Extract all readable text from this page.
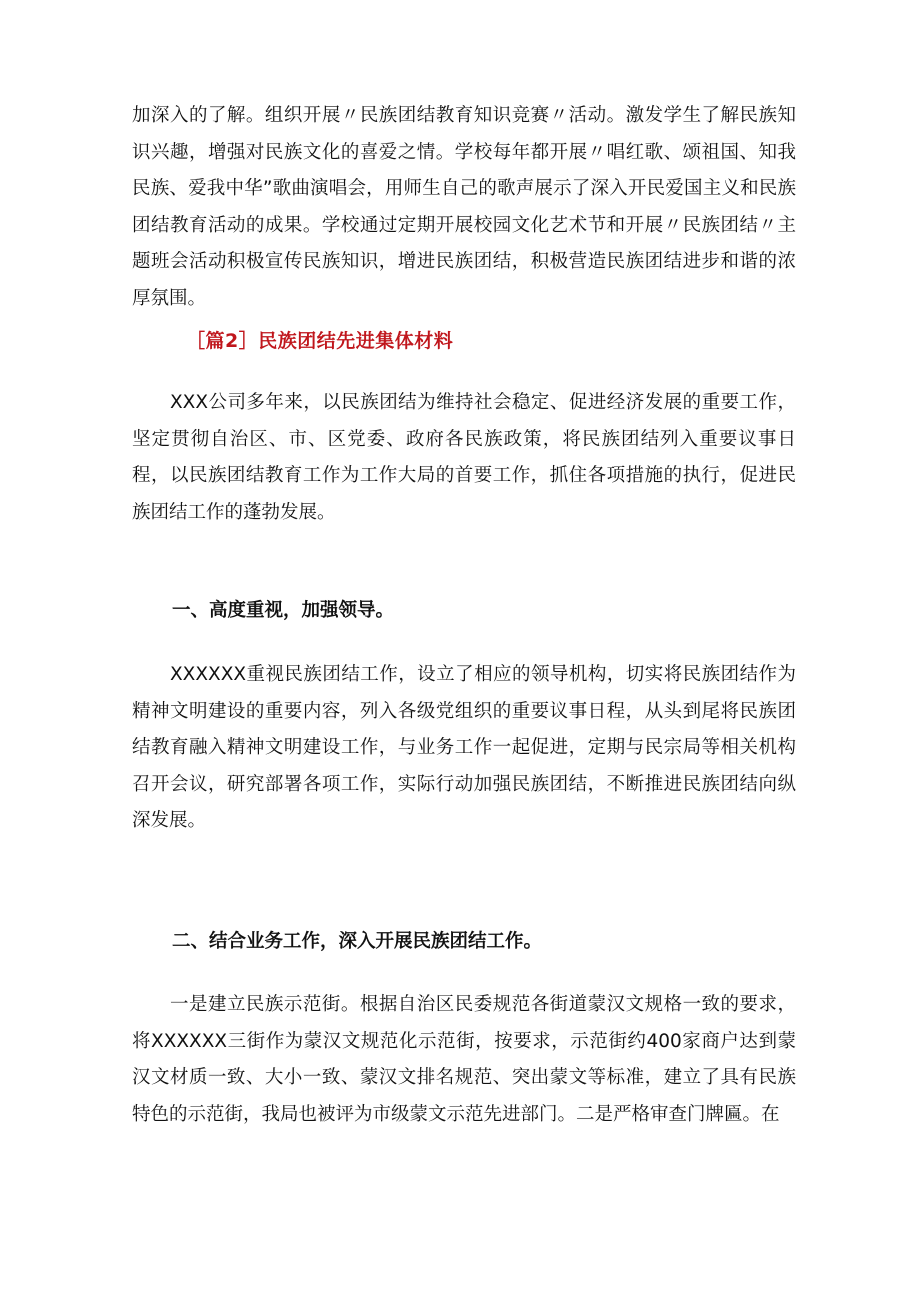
加深入的了解。组织开展〃民族团结教育知识竞赛〃活动。激发学生了解民族知识兴趣，增强对民族文化的喜爱之情。学校每年都开展〃唱红歌、颂祖国、知我民族、爱我中华”歌曲演唱会，用师生自己的歌声展示了深入开民爱国主义和民族团结教育活动的成果。学校通过定期开展校园文化艺术节和开展〃民族团结〃主题班会活动积极宣传民族知识，增进民族团结，积极营造民族团结进步和谐的浓厚氛围。

［篇2］民族团结先进集体材料

XXX公司多年来，以民族团结为维持社会稳定、促进经济发展的重要工作，坚定贯彻自治区、市、区党委、政府各民族政策，将民族团结列入重要议事日程，以民族团结教育工作为工作大局的首要工作，抓住各项措施的执行，促进民族团结工作的蓬勃发展。

一、高度重视，加强领导。

XXXXXX重视民族团结工作，设立了相应的领导机构，切实将民族团结作为精神文明建设的重要内容，列入各级党组织的重要议事日程，从头到尾将民族团结教育融入精神文明建设工作，与业务工作一起促进，定期与民宗局等相关机构召开会议，研究部署各项工作，实际行动加强民族团结，不断推进民族团结向纵深发展。

二、结合业务工作，深入开展民族团结工作。

一是建立民族示范街。根据自治区民委规范各街道蒙汉文规格一致的要求，将XXXXXX三街作为蒙汉文规范化示范街，按要求，示范街约400家商户达到蒙汉文材质一致、大小一致、蒙汉文排名规范、突出蒙文等标准，建立了具有民族特色的示范街，我局也被评为市级蒙文示范先进部门。二是严格审查门牌匾。在
